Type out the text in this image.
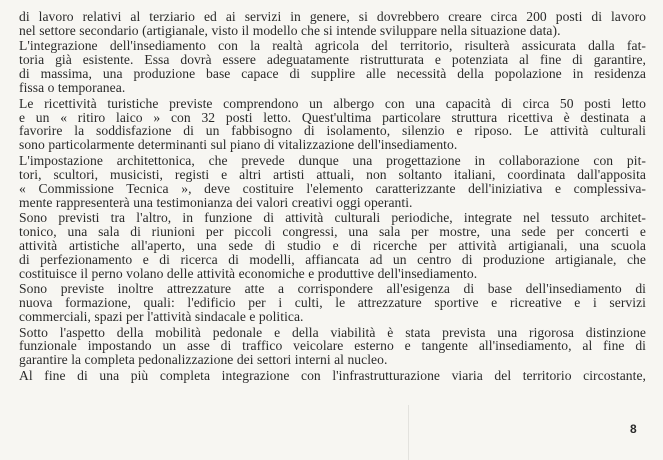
di lavoro relativi al terziario ed ai servizi in genere, si dovrebbero creare circa 200 posti di lavoro
nel settore secondario (artigianale, visto il modello che si intende sviluppare nella situazione data).
L'integrazione dell'insediamento con la realtà agricola del territorio, risulterà assicurata dalla fat-
toria già esistente. Essa dovrà essere adeguatamente ristrutturata e potenziata al fine di garantire,
di massima, una produzione base capace di supplire alle necessità della popolazione in residenza
fissa o temporanea.
Le ricettività turistiche previste comprendono un albergo con una capacità di circa 50 posti letto
e un « ritiro laico » con 32 posti letto. Quest'ultima particolare struttura ricettiva è destinata a
favorire la soddisfazione di un fabbisogno di isolamento, silenzio e riposo. Le attività culturali
sono particolarmente determinanti sul piano di vitalizzazione dell'insediamento.
L'impostazione architettonica, che prevede dunque una progettazione in collaborazione con pit-
tori, scultori, musicisti, registi e altri artisti attuali, non soltanto italiani, coordinata dall'apposita
« Commissione Tecnica », deve costituire l'elemento caratterizzante dell'iniziativa e complessiva-
mente rappresenterà una testimonianza dei valori creativi oggi operanti.
Sono previsti tra l'altro, in funzione di attività culturali periodiche, integrate nel tessuto architet-
tonico, una sala di riunioni per piccoli congressi, una sala per mostre, una sede per concerti e
attività artistiche all'aperto, una sede di studio e di ricerche per attività artigianali, una scuola
di perfezionamento e di ricerca di modelli, affiancata ad un centro di produzione artigianale, che
costituisce il perno volano delle attività economiche e produttive dell'insediamento.
Sono previste inoltre attrezzature atte a corrispondere all'esigenza di base dell'insediamento di
nuova formazione, quali: l'edificio per i culti, le attrezzature sportive e ricreative e i servizi
commerciali, spazi per l'attività sindacale e politica.
Sotto l'aspetto della mobilità pedonale e della viabilità è stata prevista una rigorosa distinzione
funzionale impostando un asse di traffico veicolare esterno e tangente all'insediamento, al fine di
garantire la completa pedonalizzazione dei settori interni al nucleo.
Al fine di una più completa integrazione con l'infrastrutturazione viaria del territorio circostante,
8
